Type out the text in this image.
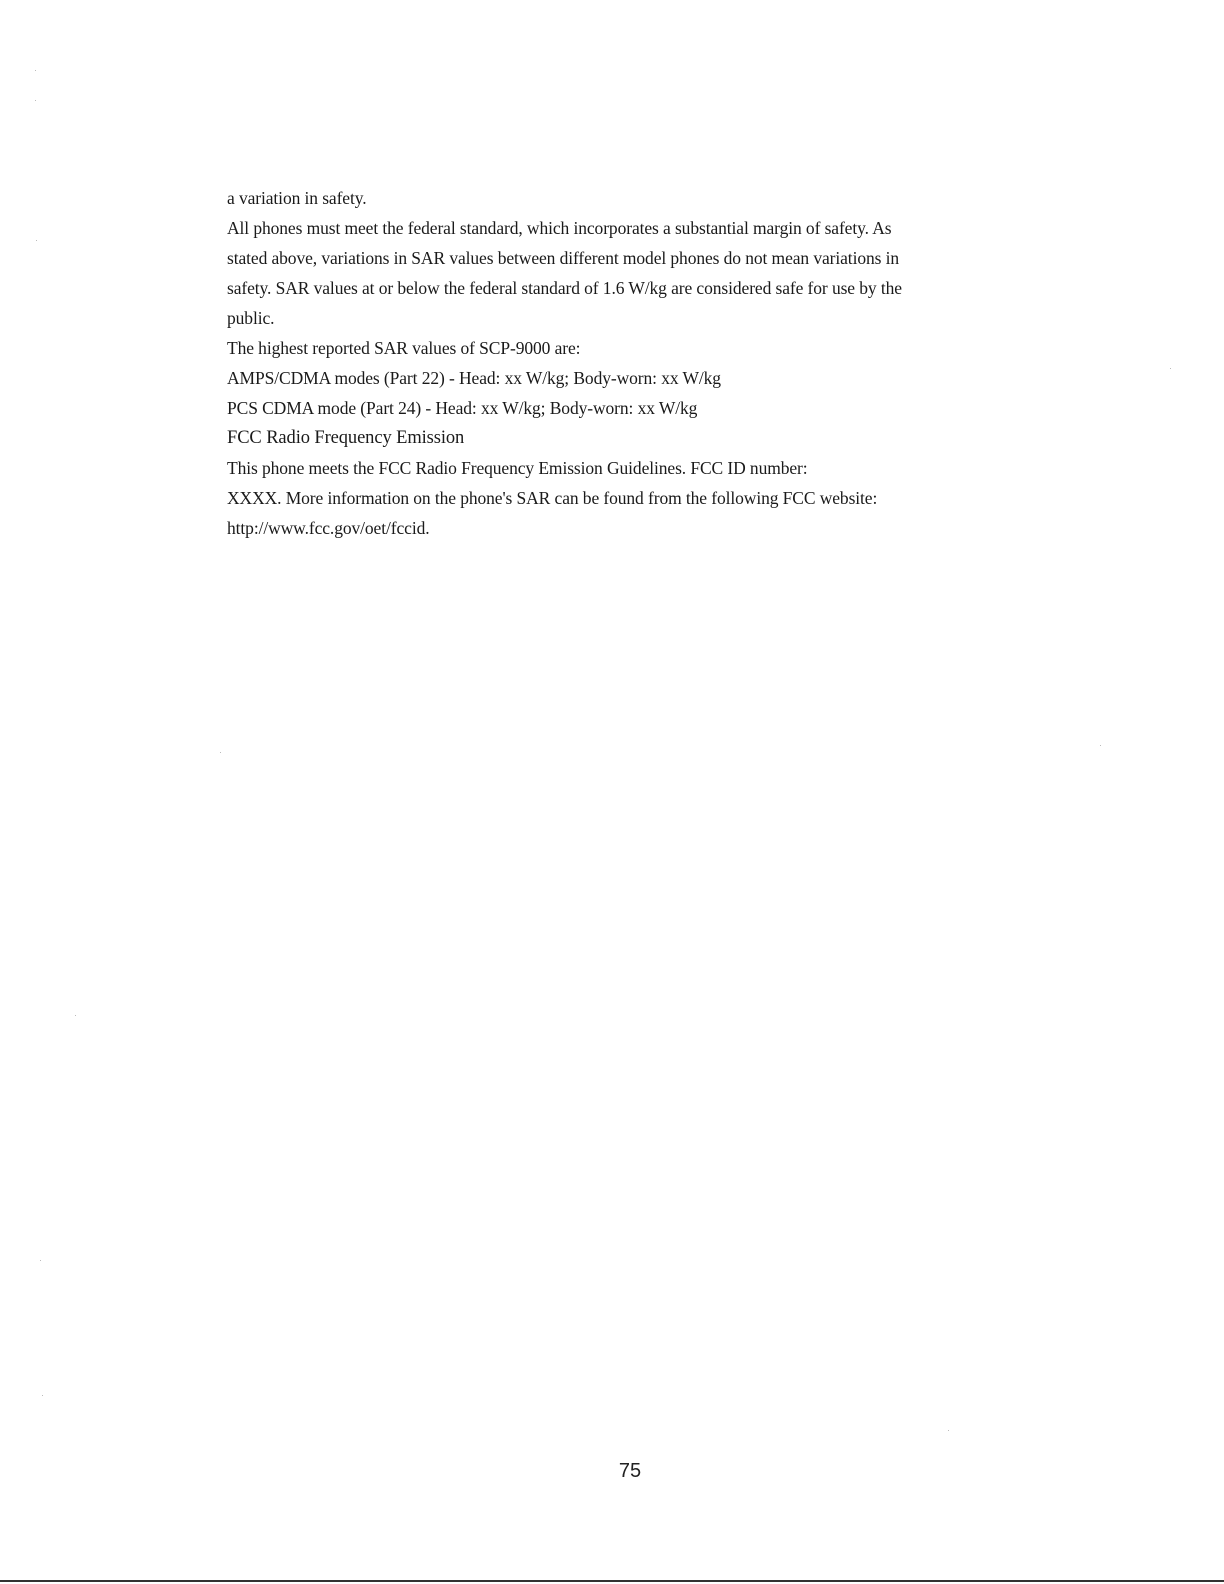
a variation in safety.
All phones must meet the federal standard, which incorporates a substantial margin of safety. As
stated above, variations in SAR values between different model phones do not mean variations in
safety. SAR values at or below the federal standard of 1.6 W/kg are considered safe for use by the
public.
The highest reported SAR values of SCP-9000 are:
AMPS/CDMA modes (Part 22) - Head: xx W/kg; Body-worn: xx W/kg
PCS CDMA mode (Part 24) - Head: xx W/kg; Body-worn: xx W/kg
FCC Radio Frequency Emission
This phone meets the FCC Radio Frequency Emission Guidelines. FCC ID number:
XXXX. More information on the phone's SAR can be found from the following FCC website:
http://www.fcc.gov/oet/fccid.
75
